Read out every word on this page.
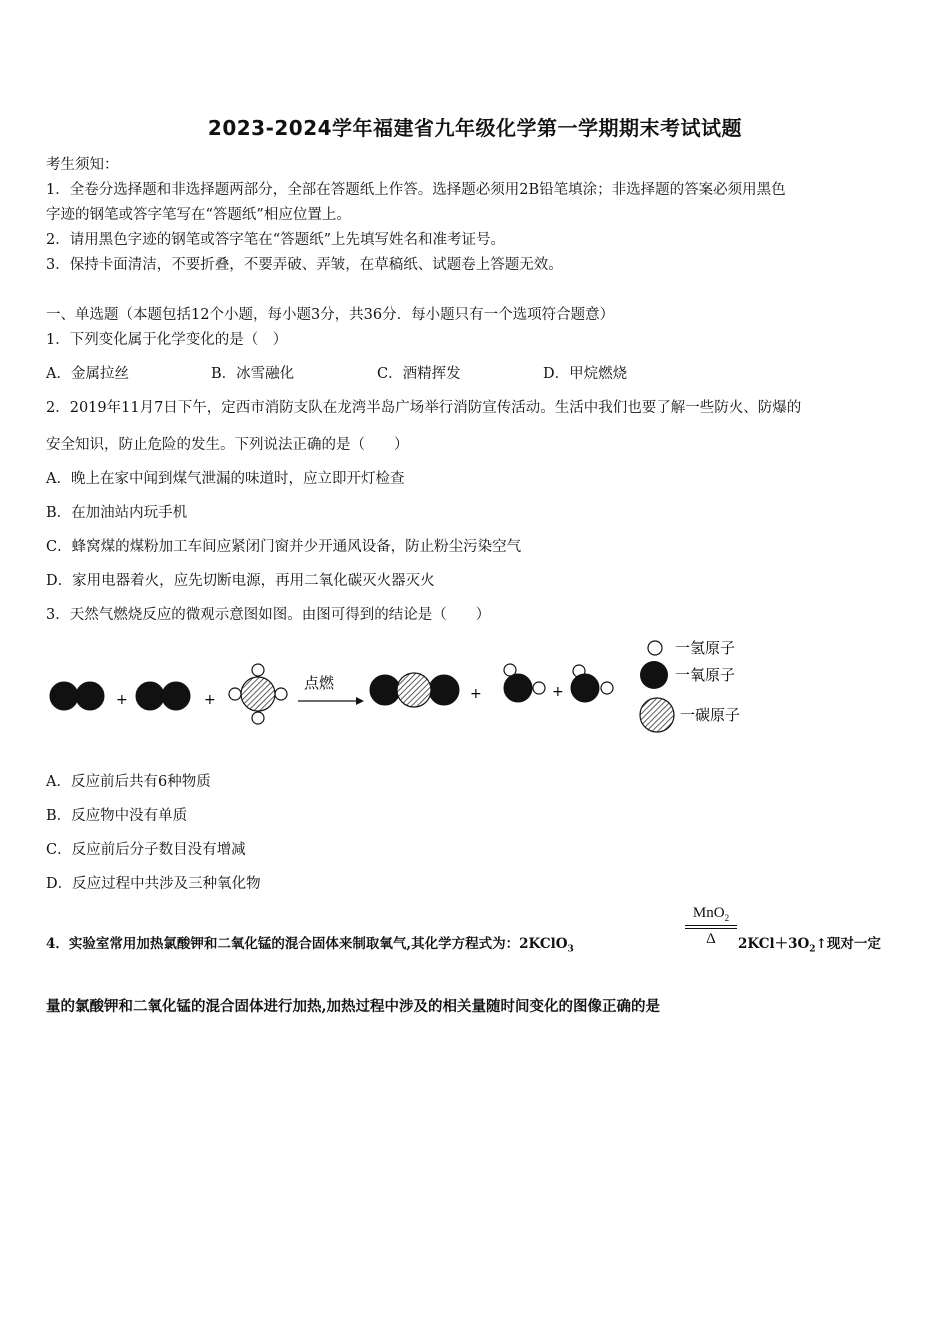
2023-2024学年福建省九年级化学第一学期期末考试试题
考生须知：
1．全卷分选择题和非选择题两部分，全部在答题纸上作答。选择题必须用2B铅笔填涂；非选择题的答案必须用黑色
字迹的钢笔或答字笔写在“答题纸”相应位置上。
2．请用黑色字迹的钢笔或答字笔在“答题纸”上先填写姓名和准考证号。
3．保持卡面清洁，不要折叠，不要弄破、弄皱，在草稿纸、试题卷上答题无效。
一、单选题（本题包括12个小题，每小题3分，共36分．每小题只有一个选项符合题意）
1．下列变化属于化学变化的是（　）
A．金属拉丝	B．冰雪融化	C．酒精挥发	D．甲烷燃烧
2．2019年11月7日下午，定西市消防支队在龙湾半岛广场举行消防宣传活动。生活中我们也要了解一些防火、防爆的
安全知识，防止危险的发生。下列说法正确的是（　　）
A．晚上在家中闻到煤气泄漏的味道时，应立即开灯检查
B．在加油站内玩手机
C．蜂窝煤的煤粉加工车间应紧闭门窗并少开通风设备，防止粉尘污染空气
D．家用电器着火，应先切断电源，再用二氧化碳灭火器灭火
3．天然气燃烧反应的微观示意图如图。由图可得到的结论是（　　）
+	+
点燃
+	+
一氢原子
一氧原子
一碳原子
A．反应前后共有6种物质
B．反应物中没有单质
C．反应前后分子数目没有增减
D．反应过程中共涉及三种氧化物
4．实验室常用加热氯酸钾和二氧化锰的混合固体来制取氧气,其化学方程式为：2KClO$_3$
MnO$_2$
Δ	$2KCl+3O_2↑$现对一定
量的氯酸钾和二氧化锰的混合固体进行加热,加热过程中涉及的相关量随时间变化的图像正确的是
